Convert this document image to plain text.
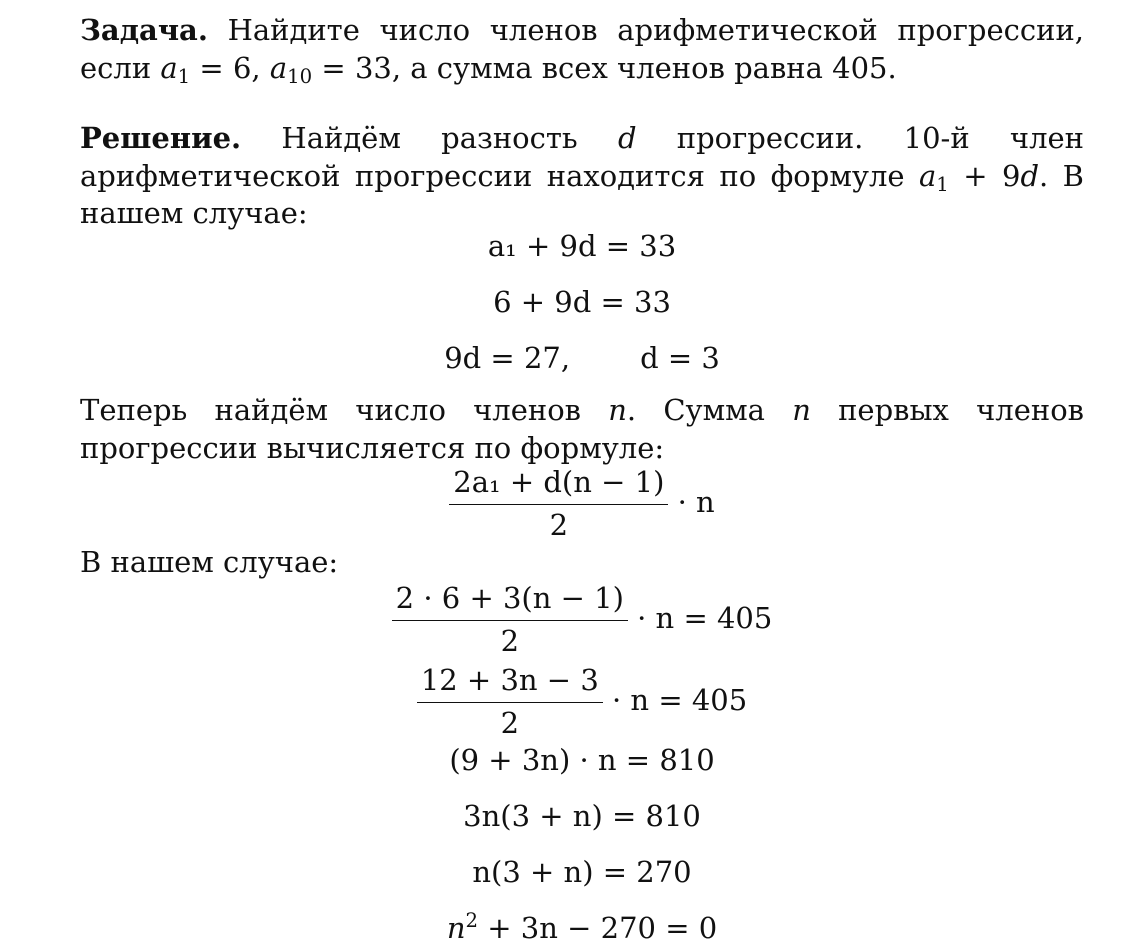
Задача. Найдите число членов арифметической прогрессии, если $a_1 = 6$, $a_{10} = 33$, а сумма всех членов равна 405.

Решение. Найдём разность d прогрессии. 10-й член арифметической прогрессии находится по формуле $a_1 + 9d$. В нашем случае:

a₁ + 9d = 33
6 + 9d = 33
9d = 27, d = 3

Теперь найдём число членов n. Сумма n первых членов прогрессии вычисляется по формуле:

$\frac{\text{2a₁ + d(n − 1)}}{2} \cdot n$

В нашем случае:

$\frac{2 \cdot 6 + 3(n - 1)}{2} \cdot n = 405$
$\frac{12 + 3n - 3}{2} \cdot n = 405$
(9 + 3n) · n = 810
3n(3 + n) = 810
n(3 + n) = 270
$n^2 + 3n - 270 = 0$
